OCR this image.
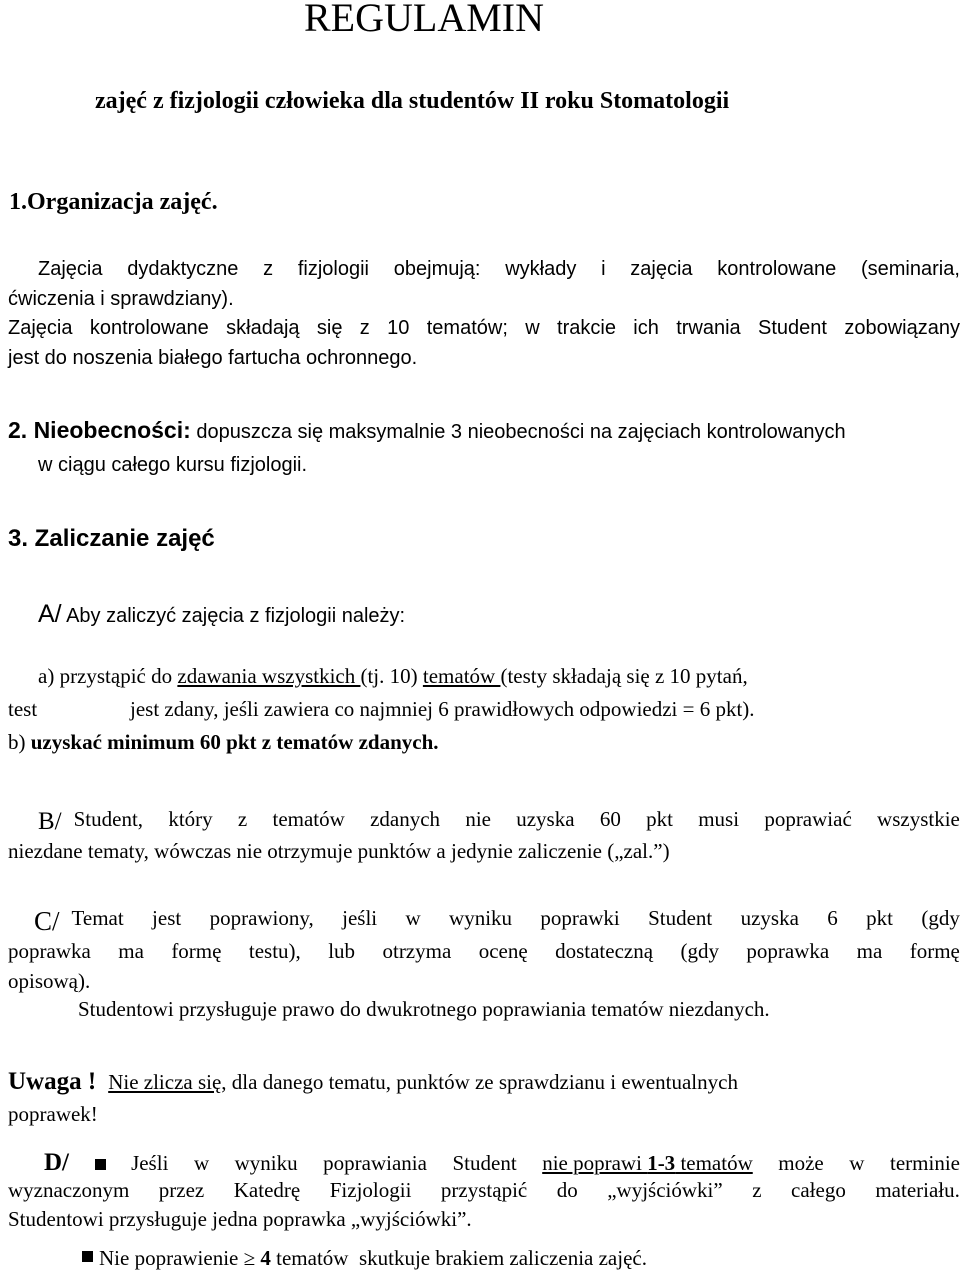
REGULAMIN
zajęć z fizjologii człowieka dla studentów II roku Stomatologii
1.Organizacja zajęć.
Zajęcia dydaktyczne z fizjologii obejmują: wykłady i zajęcia kontrolowane (seminaria,
ćwiczenia i sprawdziany).
Zajęcia kontrolowane składają się z 10 tematów; w trakcie ich trwania Student zobowiązany
jest do noszenia białego fartucha ochronnego.
2. Nieobecności: dopuszcza się maksymalnie 3 nieobecności na zajęciach kontrolowanych
w ciągu całego kursu fizjologii.
3. Zaliczanie zajęć
A/ Aby zaliczyć zajęcia z fizjologii należy:
a) przystąpić do zdawania wszystkich (tj. 10) tematów (testy składają się z 10 pytań,
test	jest zdany, jeśli zawiera co najmniej 6 prawidłowych odpowiedzi = 6 pkt).
b) uzyskać minimum 60 pkt z tematów zdanych.
B/ Student, który z tematów zdanych nie uzyska 60 pkt musi poprawiać wszystkie
niezdane tematy, wówczas nie otrzymuje punktów a jedynie zaliczenie („zal.”)
C/ Temat jest poprawiony, jeśli w wyniku poprawki Student uzyska 6 pkt (gdy
poprawka ma formę testu), lub otrzyma ocenę dostateczną (gdy poprawka ma formę
opisową).
Studentowi przysługuje prawo do dwukrotnego poprawiania tematów niezdanych.
Uwaga ! Nie zlicza się, dla danego tematu, punktów ze sprawdzianu i ewentualnych
poprawek!
D/	Jeśli w wyniku poprawiania Student nie poprawi 1-3 tematów może w terminie
wyznaczonym przez Katedrę Fizjologii przystąpić do „wyjściówki” z całego materiału.
Studentowi przysługuje jedna poprawka „wyjściówki”.
Nie poprawienie ≥ 4 tematów  skutkuje brakiem zaliczenia zajęć.
